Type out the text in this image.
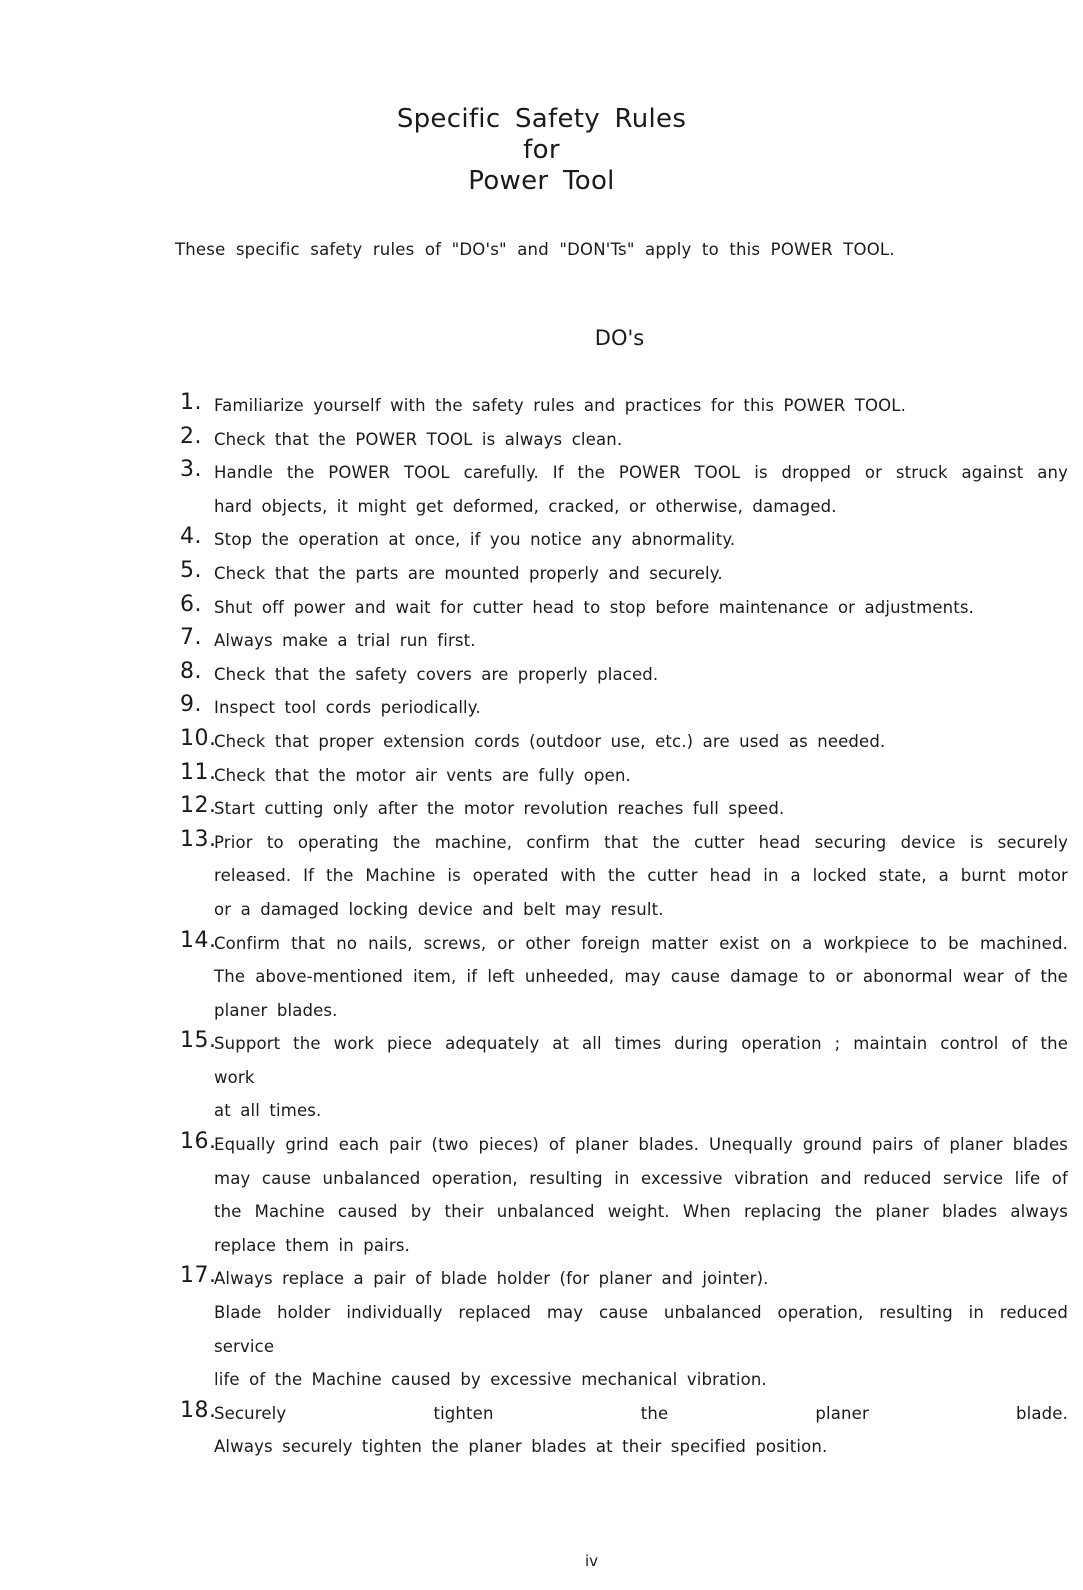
Specific Safety Rules
for
Power Tool
These specific safety rules of "DO's" and "DON'Ts" apply to this POWER TOOL.
DO's
1. Familiarize yourself with the safety rules and practices for this POWER TOOL.

2. Check that the POWER TOOL is always clean.

3. Handle the POWER TOOL carefully. If the POWER TOOL is dropped or struck against any

hard objects, it might get deformed, cracked, or otherwise, damaged.

4. Stop the operation at once, if you notice any abnormality.

5. Check that the parts are mounted properly and securely.

6. Shut off power and wait for cutter head to stop before maintenance or adjustments.

7. Always make a trial run first.

8. Check that the safety covers are properly placed.

9. Inspect tool cords periodically.

10.

Check that proper extension cords (outdoor use, etc.) are used as needed.

11.

Check that the motor air vents are fully open.

12.

Start cutting only after the motor revolution reaches full speed.

13.

Prior to operating the machine, confirm that the cutter head securing device is securely

released. If the Machine is operated with the cutter head in a locked state, a burnt motor

or a damaged locking device and belt may result.

14.

Confirm that no nails, screws, or other foreign matter exist on a workpiece to be machined.

The above-mentioned item, if left unheeded, may cause damage to or abonormal wear of the

planer blades.

15.

Support the work piece adequately at all times during operation ; maintain control of the work

at all times.

16.

Equally grind each pair (two pieces) of planer blades. Unequally ground pairs of planer blades

may cause unbalanced operation, resulting in excessive vibration and reduced service life of

the Machine caused by their unbalanced weight. When replacing the planer blades always

replace them in pairs.

17.

Always replace a pair of blade holder (for planer and jointer).

Blade holder individually replaced may cause unbalanced operation, resulting in reduced service

life of the Machine caused by excessive mechanical vibration.

18.

Securely tighten the planer blade.

Always securely tighten the planer blades at their specified position.

iv
